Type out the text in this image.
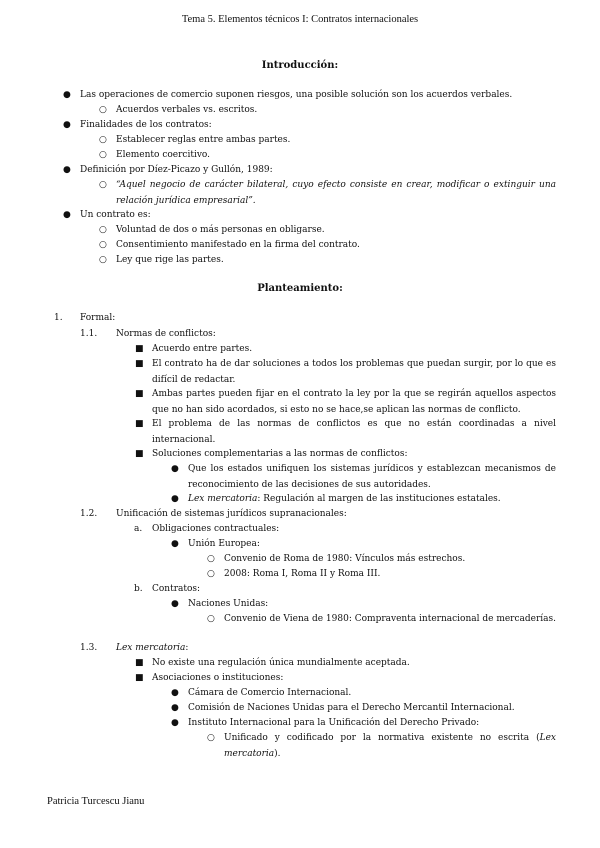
Tema 5. Elementos técnicos I: Contratos internacionales
Introducción:
● Las operaciones de comercio suponen riesgos, una posible solución son los acuerdos verbales.
○ Acuerdos verbales vs. escritos.
● Finalidades de los contratos:
○ Establecer reglas entre ambas partes.
○ Elemento coercitivo.
● Definición por Díez-Picazo y Gullón, 1989:
○ “Aquel negocio de carácter bilateral, cuyo efecto consiste en crear, modificar o extinguir una relación jurídica empresarial”.
● Un contrato es:
○ Voluntad de dos o más personas en obligarse.
○ Consentimiento manifestado en la firma del contrato.
○ Ley que rige las partes.
Planteamiento:
1. Formal:
1.1. Normas de conflictos:
■ Acuerdo entre partes.
■ El contrato ha de dar soluciones a todos los problemas que puedan surgir, por lo que es difícil de redactar.
■ Ambas partes pueden fijar en el contrato la ley por la que se regirán aquellos aspectos que no han sido acordados, si esto no se hace,se aplican las normas de conflicto.
■ El problema de las normas de conflictos es que no están coordinadas a nivel internacional.
■ Soluciones complementarias a las normas de conflictos:
● Que los estados unifiquen los sistemas jurídicos y establezcan mecanismos de reconocimiento de las decisiones de sus autoridades.
● Lex mercatoria: Regulación al margen de las instituciones estatales.
1.2. Unificación de sistemas jurídicos supranacionales:
a. Obligaciones contractuales:
● Unión Europea:
○ Convenio de Roma de 1980: Vínculos más estrechos.
○ 2008: Roma I, Roma II y Roma III.
b. Contratos:
● Naciones Unidas:
○ Convenio de Viena de 1980: Compraventa internacional de mercaderías.
1.3. Lex mercatoria:
■ No existe una regulación única mundialmente aceptada.
■ Asociaciones o instituciones:
● Cámara de Comercio Internacional.
● Comisión de Naciones Unidas para el Derecho Mercantil Internacional.
● Instituto Internacional para la Unificación del Derecho Privado:
○ Unificado y codificado por la normativa existente no escrita (Lex mercatoria).
Patricia Turcescu Jianu
